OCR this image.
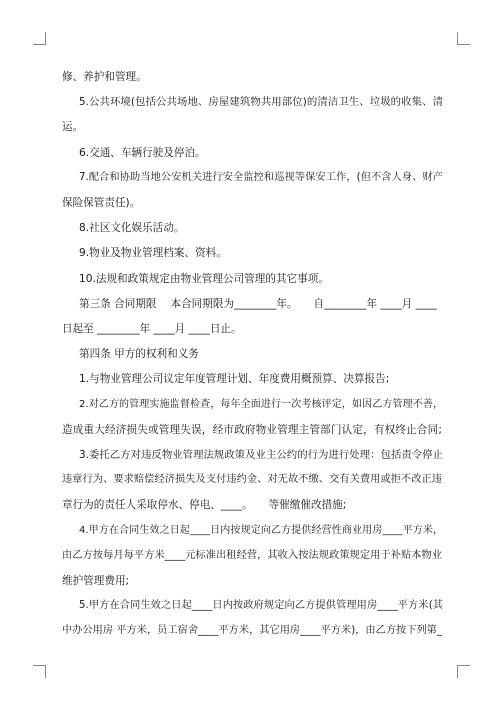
修、养护和管理。
5.公共环境(包括公共场地、房屋建筑物共用部位)的清洁卫生、垃圾的收集、清
运。
6.交通、车辆行驶及停泊。
7.配合和协助当地公安机关进行安全监控和巡视等保安工作，(但不含人身、财产
保险保管责任)。
8.社区文化娱乐活动。
9.物业及物业管理档案、资料。
10.法规和政策规定由物业管理公司管理的其它事项。
第三条 合同期限　 本合同期限为________年。　　自________年 ____月 ____
日起至 ________年 ____月 ____日止。
第四条 甲方的权利和义务
1.与物业管理公司议定年度管理计划、年度费用概预算、决算报告;
2.对乙方的管理实施监督检查，每年全面进行一次考核评定，如因乙方管理不善，
造成重大经济损失或管理失误，经市政府物业管理主管部门认定，有权终止合同;
3.委托乙方对违反物业管理法规政策及业主公约的行为进行处理：包括责令停止
违章行为、要求赔偿经济损失及支付违约金、对无故不缴、交有关费用或拒不改正违
章行为的责任人采取停水、停电、____。　　等催缴催改措施;
4.甲方在合同生效之日起____日内按规定向乙方提供经营性商业用房____平方米，
由乙方按每月每平方米____元标准出租经营，其收入按法规政策规定用于补贴本物业
维护管理费用;
5.甲方在合同生效之日起____日内按政府规定向乙方提供管理用房____平方米(其
中办公用房 平方米，员工宿舍____平方米，其它用房____平方米)，由乙方按下列第_
